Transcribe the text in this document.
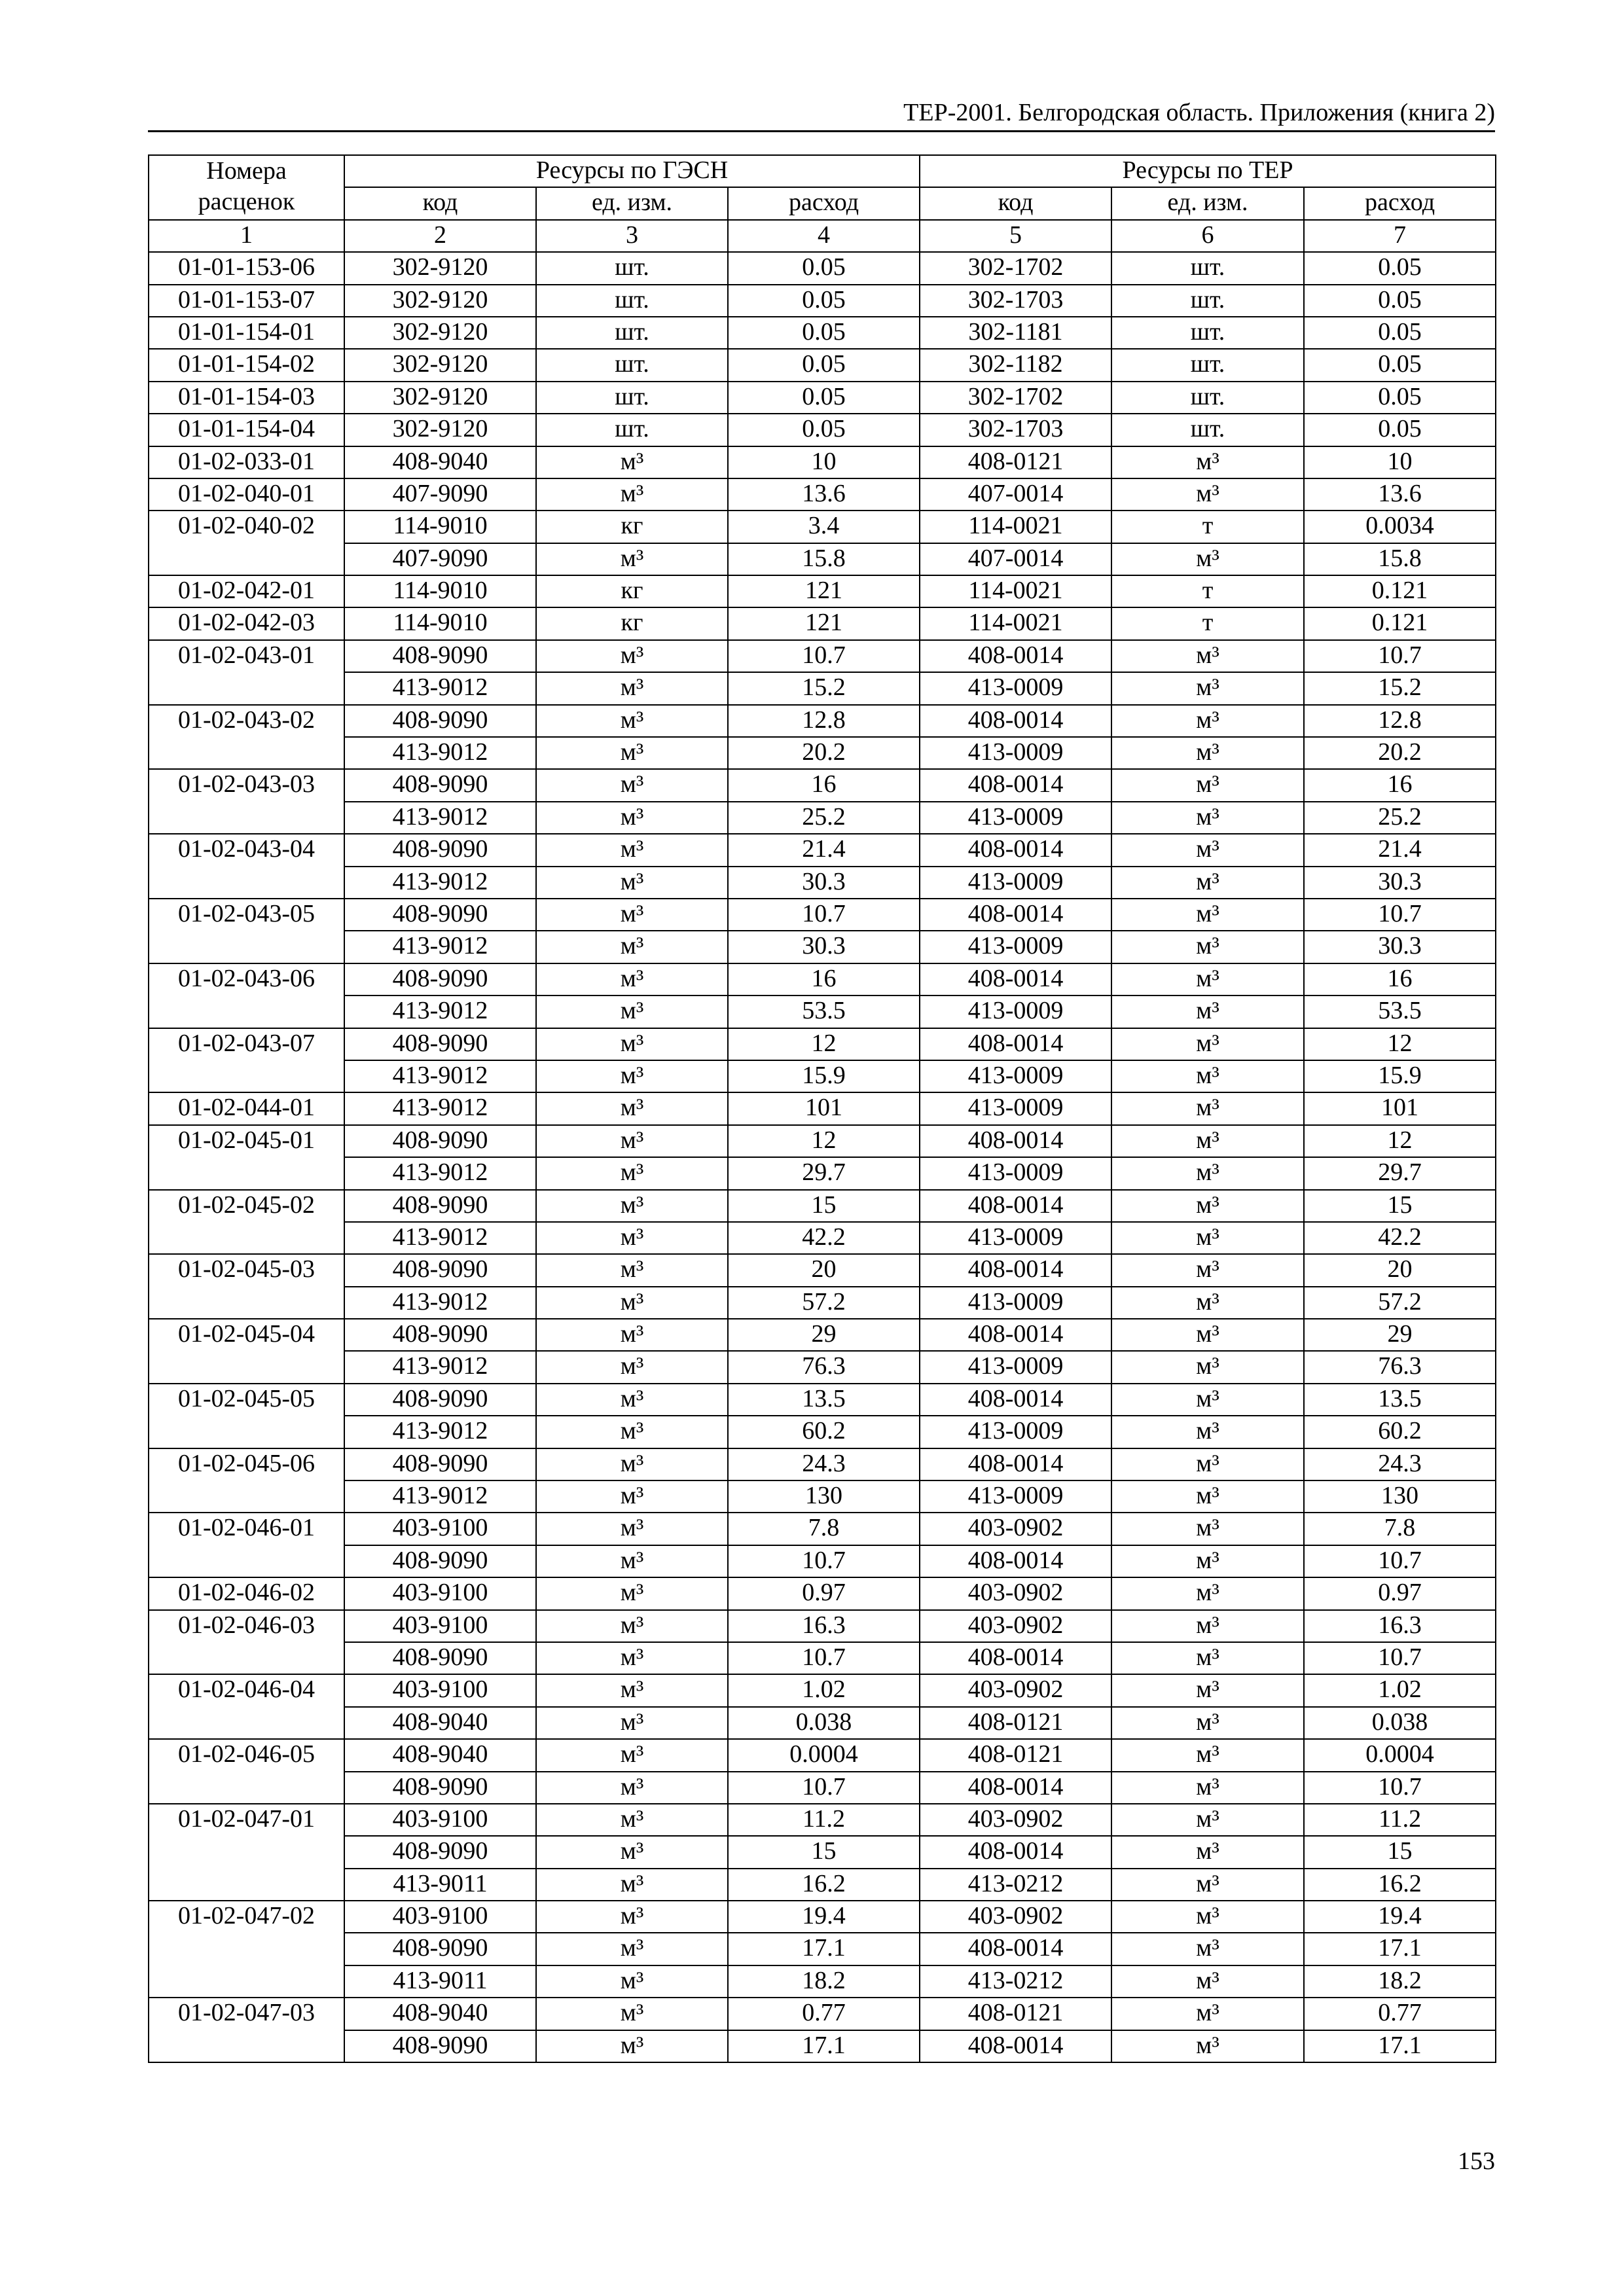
ТЕР-2001. Белгородская область. Приложения (книга 2)
Номера расценок	Ресурсы по ГЭСН			Ресурсы по ТЕР		
	код	ед. изм.	расход	код	ед. изм.	расход
1	2	3	4	5	6	7
01-01-153-06	302-9120	шт.	0.05	302-1702	шт.	0.05
01-01-153-07	302-9120	шт.	0.05	302-1703	шт.	0.05
01-01-154-01	302-9120	шт.	0.05	302-1181	шт.	0.05
01-01-154-02	302-9120	шт.	0.05	302-1182	шт.	0.05
01-01-154-03	302-9120	шт.	0.05	302-1702	шт.	0.05
01-01-154-04	302-9120	шт.	0.05	302-1703	шт.	0.05
01-02-033-01	408-9040	м³	10	408-0121	м³	10
01-02-040-01	407-9090	м³	13.6	407-0014	м³	13.6
01-02-040-02	114-9010	кг	3.4	114-0021	т	0.0034
	407-9090	м³	15.8	407-0014	м³	15.8
01-02-042-01	114-9010	кг	121	114-0021	т	0.121
01-02-042-03	114-9010	кг	121	114-0021	т	0.121
01-02-043-01	408-9090	м³	10.7	408-0014	м³	10.7
	413-9012	м³	15.2	413-0009	м³	15.2
01-02-043-02	408-9090	м³	12.8	408-0014	м³	12.8
	413-9012	м³	20.2	413-0009	м³	20.2
01-02-043-03	408-9090	м³	16	408-0014	м³	16
	413-9012	м³	25.2	413-0009	м³	25.2
01-02-043-04	408-9090	м³	21.4	408-0014	м³	21.4
	413-9012	м³	30.3	413-0009	м³	30.3
01-02-043-05	408-9090	м³	10.7	408-0014	м³	10.7
	413-9012	м³	30.3	413-0009	м³	30.3
01-02-043-06	408-9090	м³	16	408-0014	м³	16
	413-9012	м³	53.5	413-0009	м³	53.5
01-02-043-07	408-9090	м³	12	408-0014	м³	12
	413-9012	м³	15.9	413-0009	м³	15.9
01-02-044-01	413-9012	м³	101	413-0009	м³	101
01-02-045-01	408-9090	м³	12	408-0014	м³	12
	413-9012	м³	29.7	413-0009	м³	29.7
01-02-045-02	408-9090	м³	15	408-0014	м³	15
	413-9012	м³	42.2	413-0009	м³	42.2
01-02-045-03	408-9090	м³	20	408-0014	м³	20
	413-9012	м³	57.2	413-0009	м³	57.2
01-02-045-04	408-9090	м³	29	408-0014	м³	29
	413-9012	м³	76.3	413-0009	м³	76.3
01-02-045-05	408-9090	м³	13.5	408-0014	м³	13.5
	413-9012	м³	60.2	413-0009	м³	60.2
01-02-045-06	408-9090	м³	24.3	408-0014	м³	24.3
	413-9012	м³	130	413-0009	м³	130
01-02-046-01	403-9100	м³	7.8	403-0902	м³	7.8
	408-9090	м³	10.7	408-0014	м³	10.7
01-02-046-02	403-9100	м³	0.97	403-0902	м³	0.97
01-02-046-03	403-9100	м³	16.3	403-0902	м³	16.3
	408-9090	м³	10.7	408-0014	м³	10.7
01-02-046-04	403-9100	м³	1.02	403-0902	м³	1.02
	408-9040	м³	0.038	408-0121	м³	0.038
01-02-046-05	408-9040	м³	0.0004	408-0121	м³	0.0004
	408-9090	м³	10.7	408-0014	м³	10.7
01-02-047-01	403-9100	м³	11.2	403-0902	м³	11.2
	408-9090	м³	15	408-0014	м³	15
	413-9011	м³	16.2	413-0212	м³	16.2
01-02-047-02	403-9100	м³	19.4	403-0902	м³	19.4
	408-9090	м³	17.1	408-0014	м³	17.1
	413-9011	м³	18.2	413-0212	м³	18.2
01-02-047-03	408-9040	м³	0.77	408-0121	м³	0.77
	408-9090	м³	17.1	408-0014	м³	17.1
153
